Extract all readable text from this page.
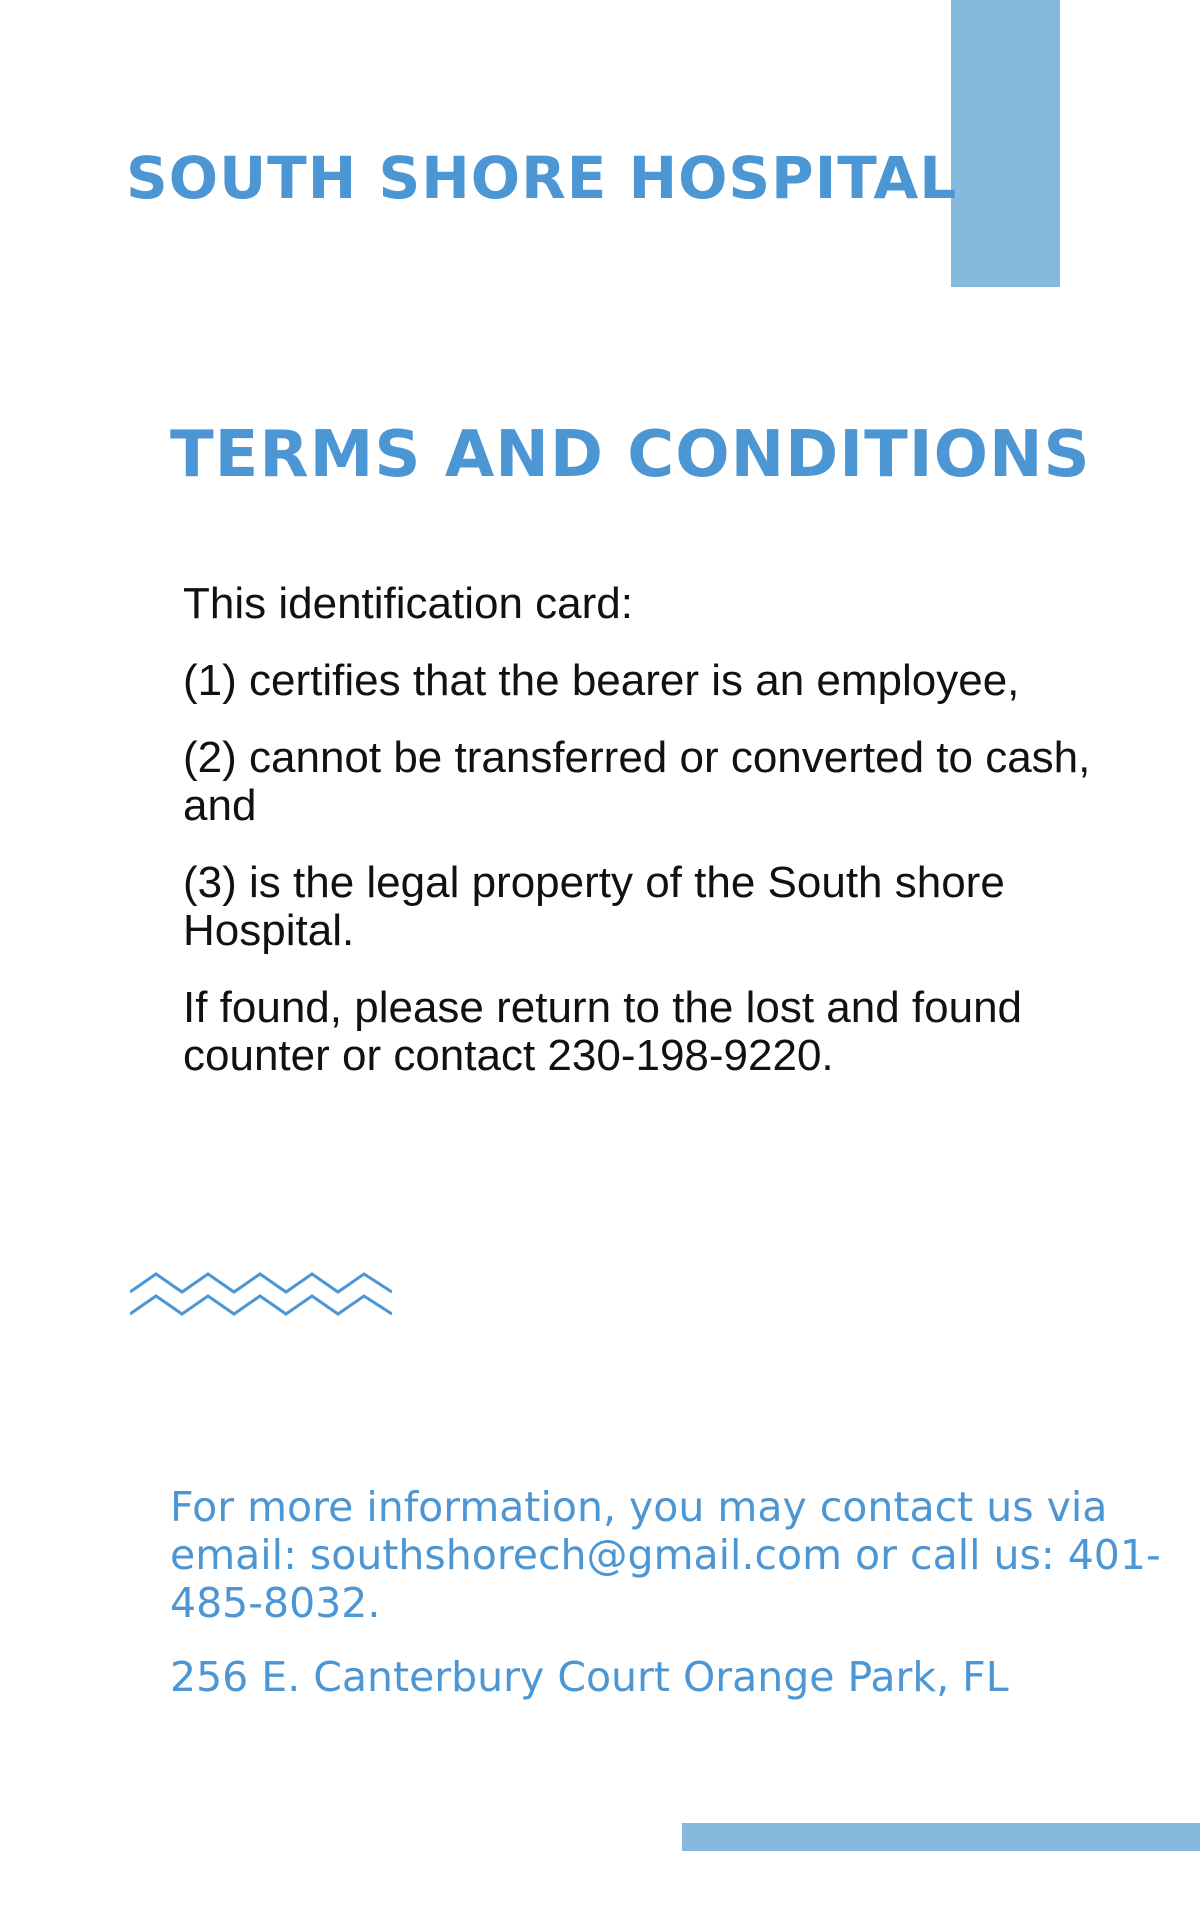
SOUTH SHORE HOSPITAL
TERMS AND CONDITIONS

This identification card:

(1) certifies that the bearer is an employee,

(2) cannot be transferred or converted to cash, and

(3) is the legal property of the South shore Hospital.

If found, please return to the lost and found counter or contact 230-198-9220.

For more information, you may contact us via email: southshorech@gmail.com or call us: 401-485-8032.

256 E. Canterbury Court Orange Park, FL
